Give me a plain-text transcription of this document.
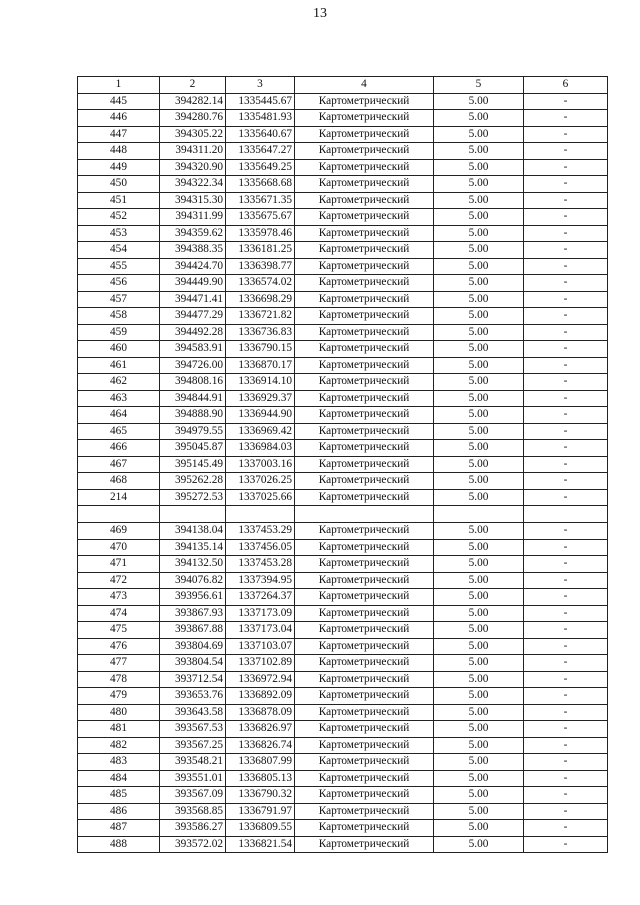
13
1	2	3	4	5	6
445	394282.14	1335445.67	Картометрический	5.00	-
446	394280.76	1335481.93	Картометрический	5.00	-
447	394305.22	1335640.67	Картометрический	5.00	-
448	394311.20	1335647.27	Картометрический	5.00	-
449	394320.90	1335649.25	Картометрический	5.00	-
450	394322.34	1335668.68	Картометрический	5.00	-
451	394315.30	1335671.35	Картометрический	5.00	-
452	394311.99	1335675.67	Картометрический	5.00	-
453	394359.62	1335978.46	Картометрический	5.00	-
454	394388.35	1336181.25	Картометрический	5.00	-
455	394424.70	1336398.77	Картометрический	5.00	-
456	394449.90	1336574.02	Картометрический	5.00	-
457	394471.41	1336698.29	Картометрический	5.00	-
458	394477.29	1336721.82	Картометрический	5.00	-
459	394492.28	1336736.83	Картометрический	5.00	-
460	394583.91	1336790.15	Картометрический	5.00	-
461	394726.00	1336870.17	Картометрический	5.00	-
462	394808.16	1336914.10	Картометрический	5.00	-
463	394844.91	1336929.37	Картометрический	5.00	-
464	394888.90	1336944.90	Картометрический	5.00	-
465	394979.55	1336969.42	Картометрический	5.00	-
466	395045.87	1336984.03	Картометрический	5.00	-
467	395145.49	1337003.16	Картометрический	5.00	-
468	395262.28	1337026.25	Картометрический	5.00	-
214	395272.53	1337025.66	Картометрический	5.00	-

469	394138.04	1337453.29	Картометрический	5.00	-
470	394135.14	1337456.05	Картометрический	5.00	-
471	394132.50	1337453.28	Картометрический	5.00	-
472	394076.82	1337394.95	Картометрический	5.00	-
473	393956.61	1337264.37	Картометрический	5.00	-
474	393867.93	1337173.09	Картометрический	5.00	-
475	393867.88	1337173.04	Картометрический	5.00	-
476	393804.69	1337103.07	Картометрический	5.00	-
477	393804.54	1337102.89	Картометрический	5.00	-
478	393712.54	1336972.94	Картометрический	5.00	-
479	393653.76	1336892.09	Картометрический	5.00	-
480	393643.58	1336878.09	Картометрический	5.00	-
481	393567.53	1336826.97	Картометрический	5.00	-
482	393567.25	1336826.74	Картометрический	5.00	-
483	393548.21	1336807.99	Картометрический	5.00	-
484	393551.01	1336805.13	Картометрический	5.00	-
485	393567.09	1336790.32	Картометрический	5.00	-
486	393568.85	1336791.97	Картометрический	5.00	-
487	393586.27	1336809.55	Картометрический	5.00	-
488	393572.02	1336821.54	Картометрический	5.00	-
